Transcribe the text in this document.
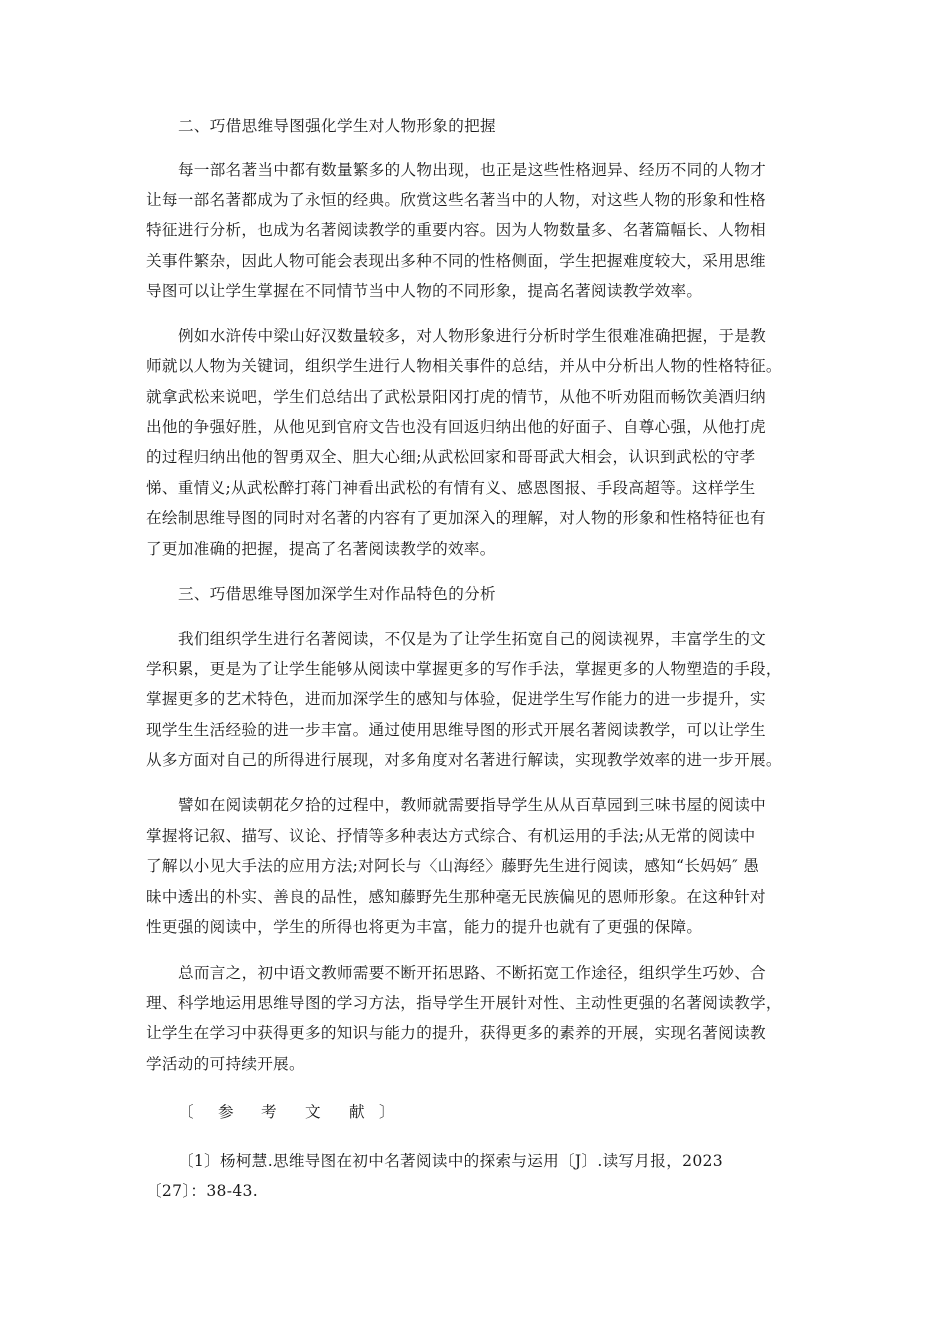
二、巧借思维导图强化学生对人物形象的把握

每一部名著当中都有数量繁多的人物出现，也正是这些性格迥异、经历不同的人物才

让每一部名著都成为了永恒的经典。欣赏这些名著当中的人物，对这些人物的形象和性格

特征进行分析，也成为名著阅读教学的重要内容。因为人物数量多、名著篇幅长、人物相

关事件繁杂，因此人物可能会表现出多种不同的性格侧面，学生把握难度较大，采用思维

导图可以让学生掌握在不同情节当中人物的不同形象，提高名著阅读教学效率。

例如水浒传中梁山好汉数量较多，对人物形象进行分析时学生很难准确把握，于是教

师就以人物为关键词，组织学生进行人物相关事件的总结，并从中分析出人物的性格特征。

就拿武松来说吧，学生们总结出了武松景阳冈打虎的情节，从他不听劝阻而畅饮美酒归纳

出他的争强好胜，从他见到官府文告也没有回返归纳出他的好面子、自尊心强，从他打虎

的过程归纳出他的智勇双全、胆大心细;从武松回家和哥哥武大相会，认识到武松的守孝

悌、重情义;从武松醉打蒋门神看出武松的有情有义、感恩图报、手段高超等。这样学生

在绘制思维导图的同时对名著的内容有了更加深入的理解，对人物的形象和性格特征也有

了更加准确的把握，提高了名著阅读教学的效率。

三、巧借思维导图加深学生对作品特色的分析

我们组织学生进行名著阅读，不仅是为了让学生拓宽自己的阅读视界，丰富学生的文

学积累，更是为了让学生能够从阅读中掌握更多的写作手法，掌握更多的人物塑造的手段，

掌握更多的艺术特色，进而加深学生的感知与体验，促进学生写作能力的进一步提升，实

现学生生活经验的进一步丰富。通过使用思维导图的形式开展名著阅读教学，可以让学生

从多方面对自己的所得进行展现，对多角度对名著进行解读，实现教学效率的进一步开展。

譬如在阅读朝花夕拾的过程中，教师就需要指导学生从从百草园到三味书屋的阅读中

掌握将记叙、描写、议论、抒情等多种表达方式综合、有机运用的手法;从无常的阅读中

了解以小见大手法的应用方法;对阿长与〈山海经〉藤野先生进行阅读，感知“长妈妈″ 愚

昧中透出的朴实、善良的品性，感知藤野先生那种毫无民族偏见的恩师形象。在这种针对

性更强的阅读中，学生的所得也将更为丰富，能力的提升也就有了更强的保障。

总而言之，初中语文教师需要不断开拓思路、不断拓宽工作途径，组织学生巧妙、合

理、科学地运用思维导图的学习方法，指导学生开展针对性、主动性更强的名著阅读教学，

让学生在学习中获得更多的知识与能力的提升，获得更多的素养的开展，实现名著阅读教

学活动的可持续开展。

〔 参 考 文 献 〕

〔1〕杨柯慧.思维导图在初中名著阅读中的探索与运用〔J〕.读写月报，2023

〔27〕：38-43.
